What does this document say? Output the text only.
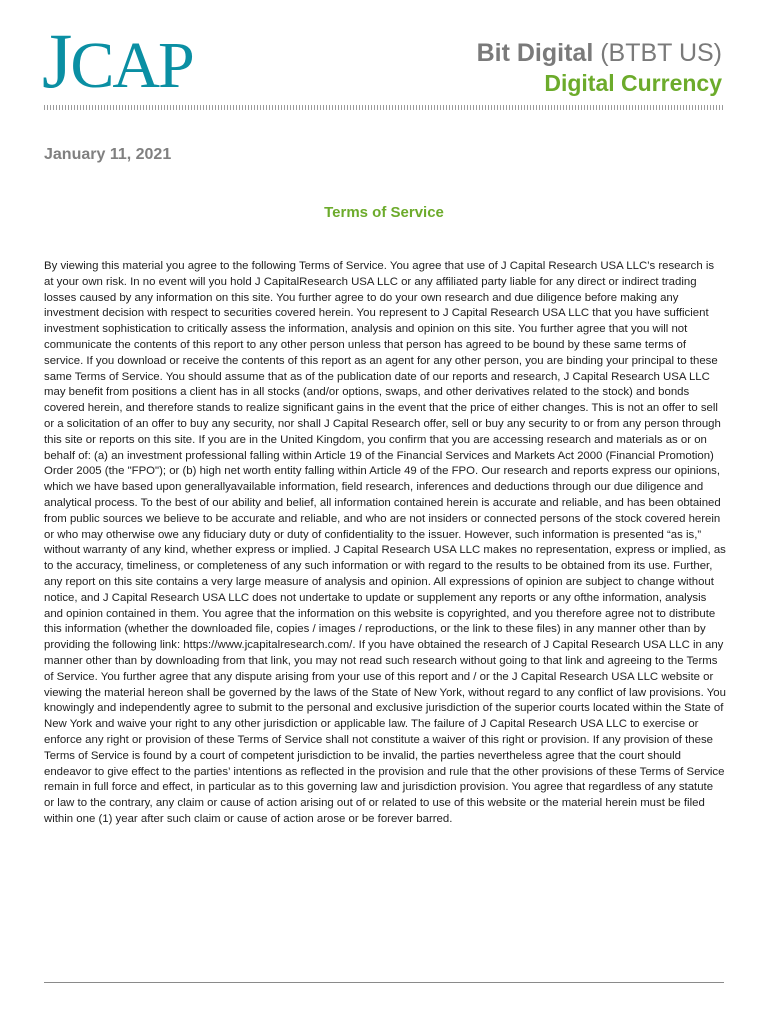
JCAP	Bit Digital (BTBT US)
Digital Currency
January 11, 2021
Terms of Service

By viewing this material you agree to the following Terms of Service. You agree that use of J Capital Research USA LLC’s research is at your own risk. In no event will you hold J CapitalResearch USA LLC or any affiliated party liable for any direct or indirect trading losses caused by any information on this site. You further agree to do your own research and due diligence before making any investment decision with respect to securities covered herein. You represent to J Capital Research USA LLC that you have sufficient investment sophistication to critically assess the information, analysis and opinion on this site. You further agree that you will not communicate the contents of this report to any other person unless that person has agreed to be bound by these same terms of service. If you download or receive the contents of this report as an agent for any other person, you are binding your principal to these same Terms of Service. You should assume that as of the publication date of our reports and research, J Capital Research USA LLC may benefit from positions a client has in all stocks (and/or options, swaps, and other derivatives related to the stock) and bonds covered herein, and therefore stands to realize significant gains in the event that the price of either changes. This is not an offer to sell or a solicitation of an offer to buy any security, nor shall J Capital Research offer, sell or buy any security to or from any person through this site or reports on this site. If you are in the United Kingdom, you confirm that you are accessing research and materials as or on behalf of: (a) an investment professional falling within Article 19 of the Financial Services and Markets Act 2000 (Financial Promotion) Order 2005 (the "FPO"); or (b) high net worth entity falling within Article 49 of the FPO. Our research and reports express our opinions, which we have based upon generallyavailable information, field research, inferences and deductions through our due diligence and analytical process. To the best of our ability and belief, all information contained herein is accurate and reliable, and has been obtained from public sources we believe to be accurate and reliable, and who are not insiders or connected persons of the stock covered herein or who may otherwise owe any fiduciary duty or duty of confidentiality to the issuer. However, such information is presented “as is,” without warranty of any kind, whether express or implied. J Capital Research USA LLC makes no representation, express or implied, as to the accuracy, timeliness, or completeness of any such information or with regard to the results to be obtained from its use. Further, any report on this site contains a very large measure of analysis and opinion. All expressions of opinion are subject to change without notice, and J Capital Research USA LLC does not undertake to update or supplement any reports or any ofthe information, analysis and opinion contained in them. You agree that the information on this website is copyrighted, and you therefore agree not to distribute this information (whether the downloaded file, copies / images / reproductions, or the link to these files) in any manner other than by providing the following link: https://www.jcapitalresearch.com/. If you have obtained the research of J Capital Research USA LLC in any manner other than by downloading from that link, you may not read such research without going to that link and agreeing to the Terms of Service. You further agree that any dispute arising from your use of this report and / or the J Capital Research USA LLC website or viewing the material hereon shall be governed by the laws of the State of New York, without regard to any conflict of law provisions. You knowingly and independently agree to submit to the personal and exclusive jurisdiction of the superior courts located within the State of New York and waive your right to any other jurisdiction or applicable law. The failure of J Capital Research USA LLC to exercise or enforce any right or provision of these Terms of Service shall not constitute a waiver of this right or provision. If any provision of these Terms of Service is found by a court of competent jurisdiction to be invalid, the parties nevertheless agree that the court should endeavor to give effect to the parties’ intentions as reflected in the provision and rule that the other provisions of these Terms of Service remain in full force and effect, in particular as to this governing law and jurisdiction provision. You agree that regardless of any statute or law to the contrary, any claim or cause of action arising out of or related to use of this website or the material herein must be filed within one (1) year after such claim or cause of action arose or be forever barred.
